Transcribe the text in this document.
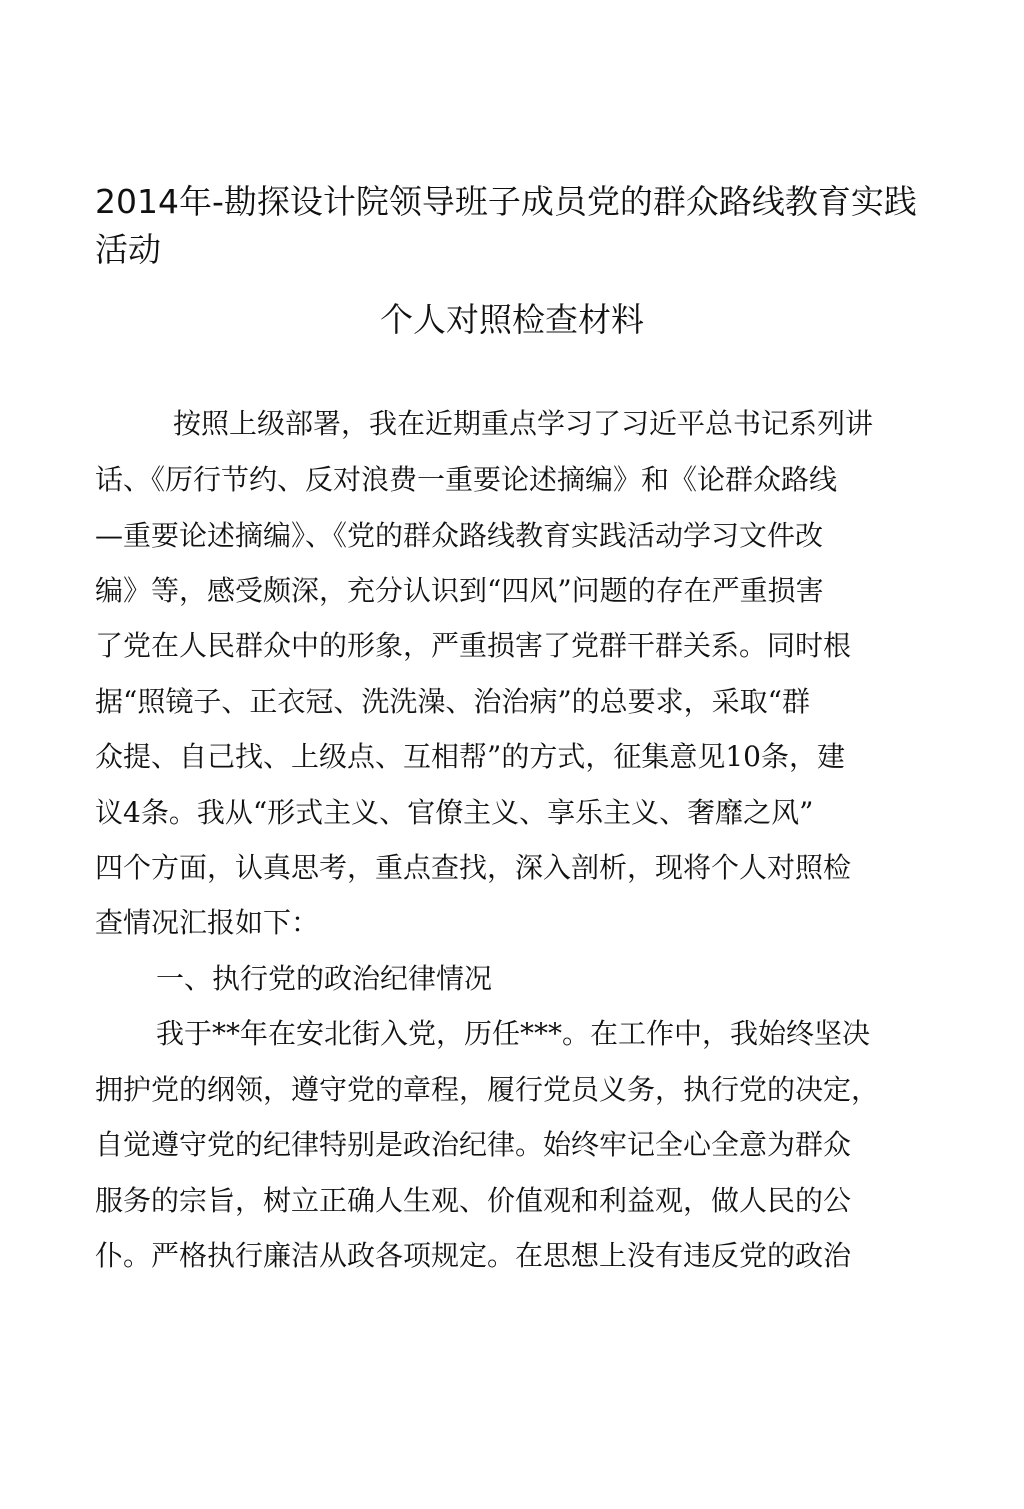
2014年-勘探设计院领导班子成员党的群众路线教育实践活动
个人对照检查材料

按照上级部署，我在近期重点学习了习近平总书记系列讲

话、《厉行节约、反对浪费一重要论述摘编》和《论群众路线

—重要论述摘编》、《党的群众路线教育实践活动学习文件改

编》等，感受颇深，充分认识到“四风”问题的存在严重损害

了党在人民群众中的形象，严重损害了党群干群关系。同时根

据“照镜子、正衣冠、洗洗澡、治治病”的总要求，采取“群

众提、自己找、上级点、互相帮”的方式，征集意见10条，建

议4条。我从“形式主义、官僚主义、享乐主义、奢靡之风”

四个方面，认真思考，重点查找，深入剖析，现将个人对照检

查情况汇报如下：

一、执行党的政治纪律情况

我于**年在安北街入党，历任***。在工作中，我始终坚决

拥护党的纲领，遵守党的章程，履行党员义务，执行党的决定，

自觉遵守党的纪律特别是政治纪律。始终牢记全心全意为群众

服务的宗旨，树立正确人生观、价值观和利益观，做人民的公

仆。严格执行廉洁从政各项规定。在思想上没有违反党的政治
